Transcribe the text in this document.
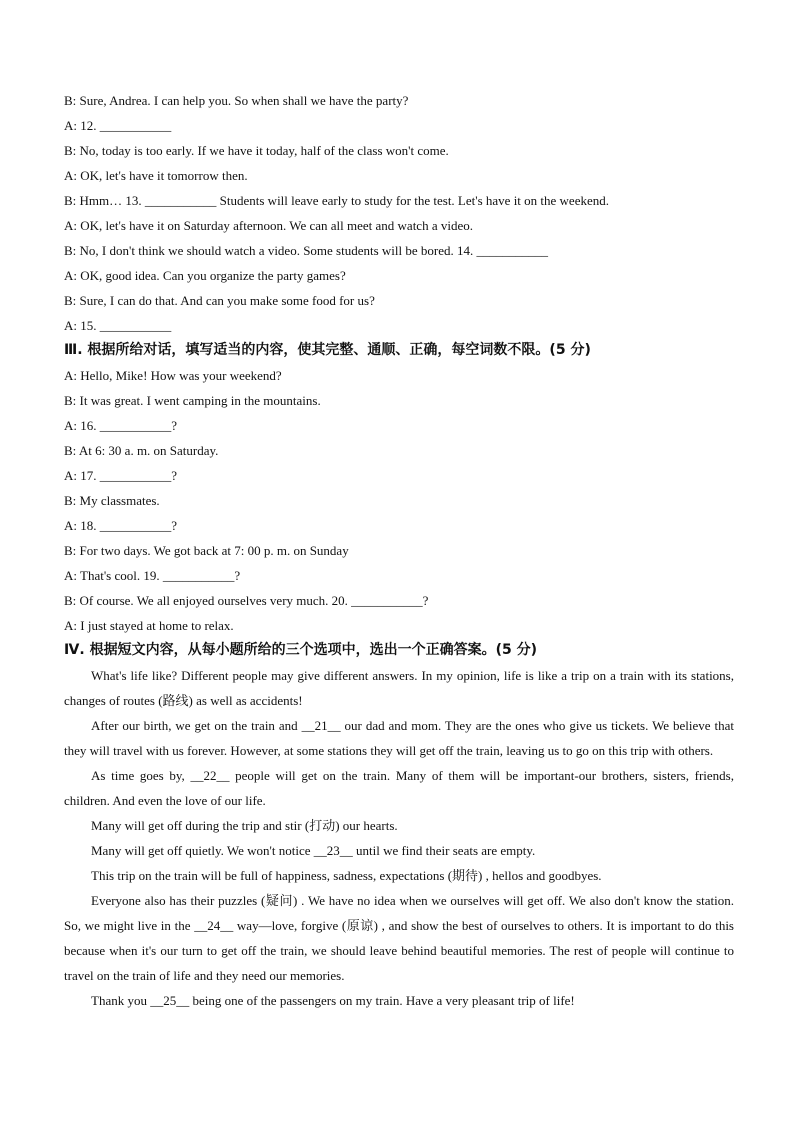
B: Sure, Andrea. I can help you. So when shall we have the party?
A: 12. ___________
B: No, today is too early. If we have it today, half of the class won't come.
A: OK, let's have it tomorrow then.
B: Hmm… 13. ___________ Students will leave early to study for the test. Let's have it on the weekend.
A: OK, let's have it on Saturday afternoon. We can all meet and watch a video.
B: No, I don't think we should watch a video. Some students will be bored. 14. ___________
A: OK, good idea. Can you organize the party games?
B: Sure, I can do that. And can you make some food for us?
A: 15. ___________
Ⅲ. 根据所给对话，填写适当的内容，使其完整、通顺、正确，每空词数不限。(5 分)
A: Hello, Mike! How was your weekend?
B: It was great. I went camping in the mountains.
A: 16. ___________?
B: At 6: 30 a. m. on Saturday.
A: 17. ___________?
B: My classmates.
A: 18. ___________?
B: For two days. We got back at 7: 00 p. m. on Sunday
A: That's cool. 19. ___________?
B: Of course. We all enjoyed ourselves very much. 20. ___________?
A: I just stayed at home to relax.
Ⅳ. 根据短文内容，从每小题所给的三个选项中，选出一个正确答案。(5 分)
What's life like? Different people may give different answers. In my opinion, life is like a trip on a train with its stations, changes of routes (路线) as well as accidents!
After our birth, we get on the train and __21__ our dad and mom. They are the ones who give us tickets. We believe that they will travel with us forever. However, at some stations they will get off the train, leaving us to go on this trip with others.
As time goes by, __22__ people will get on the train. Many of them will be important-our brothers, sisters, friends, children. And even the love of our life.
Many will get off during the trip and stir (打动) our hearts.
Many will get off quietly. We won't notice __23__ until we find their seats are empty.
This trip on the train will be full of happiness, sadness, expectations (期待) , hellos and goodbyes.
Everyone also has their puzzles (疑问) . We have no idea when we ourselves will get off. We also don't know the station. So, we might live in the __24__ way—love, forgive (原谅) , and show the best of ourselves to others. It is important to do this because when it's our turn to get off the train, we should leave behind beautiful memories. The rest of people will continue to travel on the train of life and they need our memories.
Thank you __25__ being one of the passengers on my train. Have a very pleasant trip of life!
